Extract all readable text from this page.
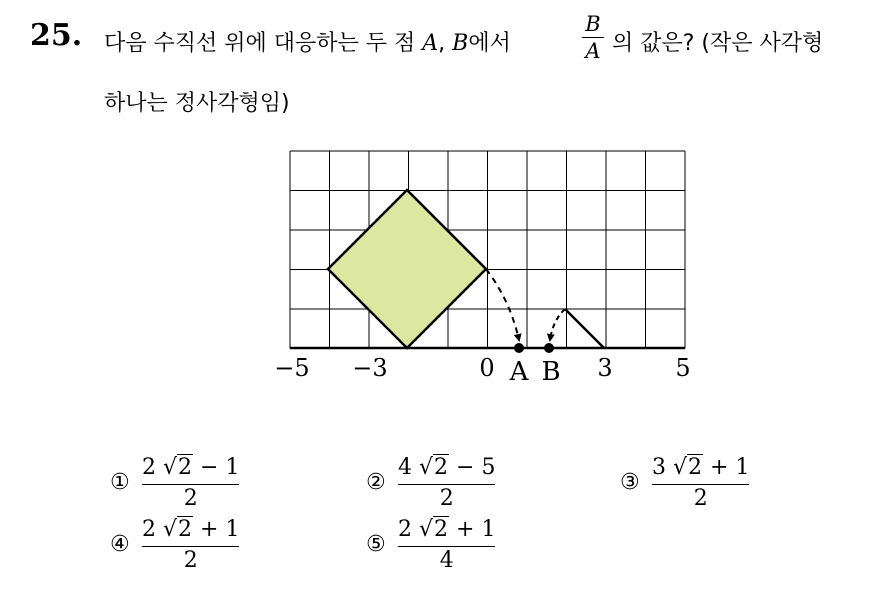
25. 다음 수직선 위에 대응하는 두 점 A, B에서
B
A 의 값은? (작은 사각형
하나는 정사각형임)
−5 −3	0	3	5
A B
①
2 √2 − 1
2
②
4 √2 − 5
2
③
3 √2 + 1
2
④
2 √2 + 1
2
⑤
2 √2 + 1
4
